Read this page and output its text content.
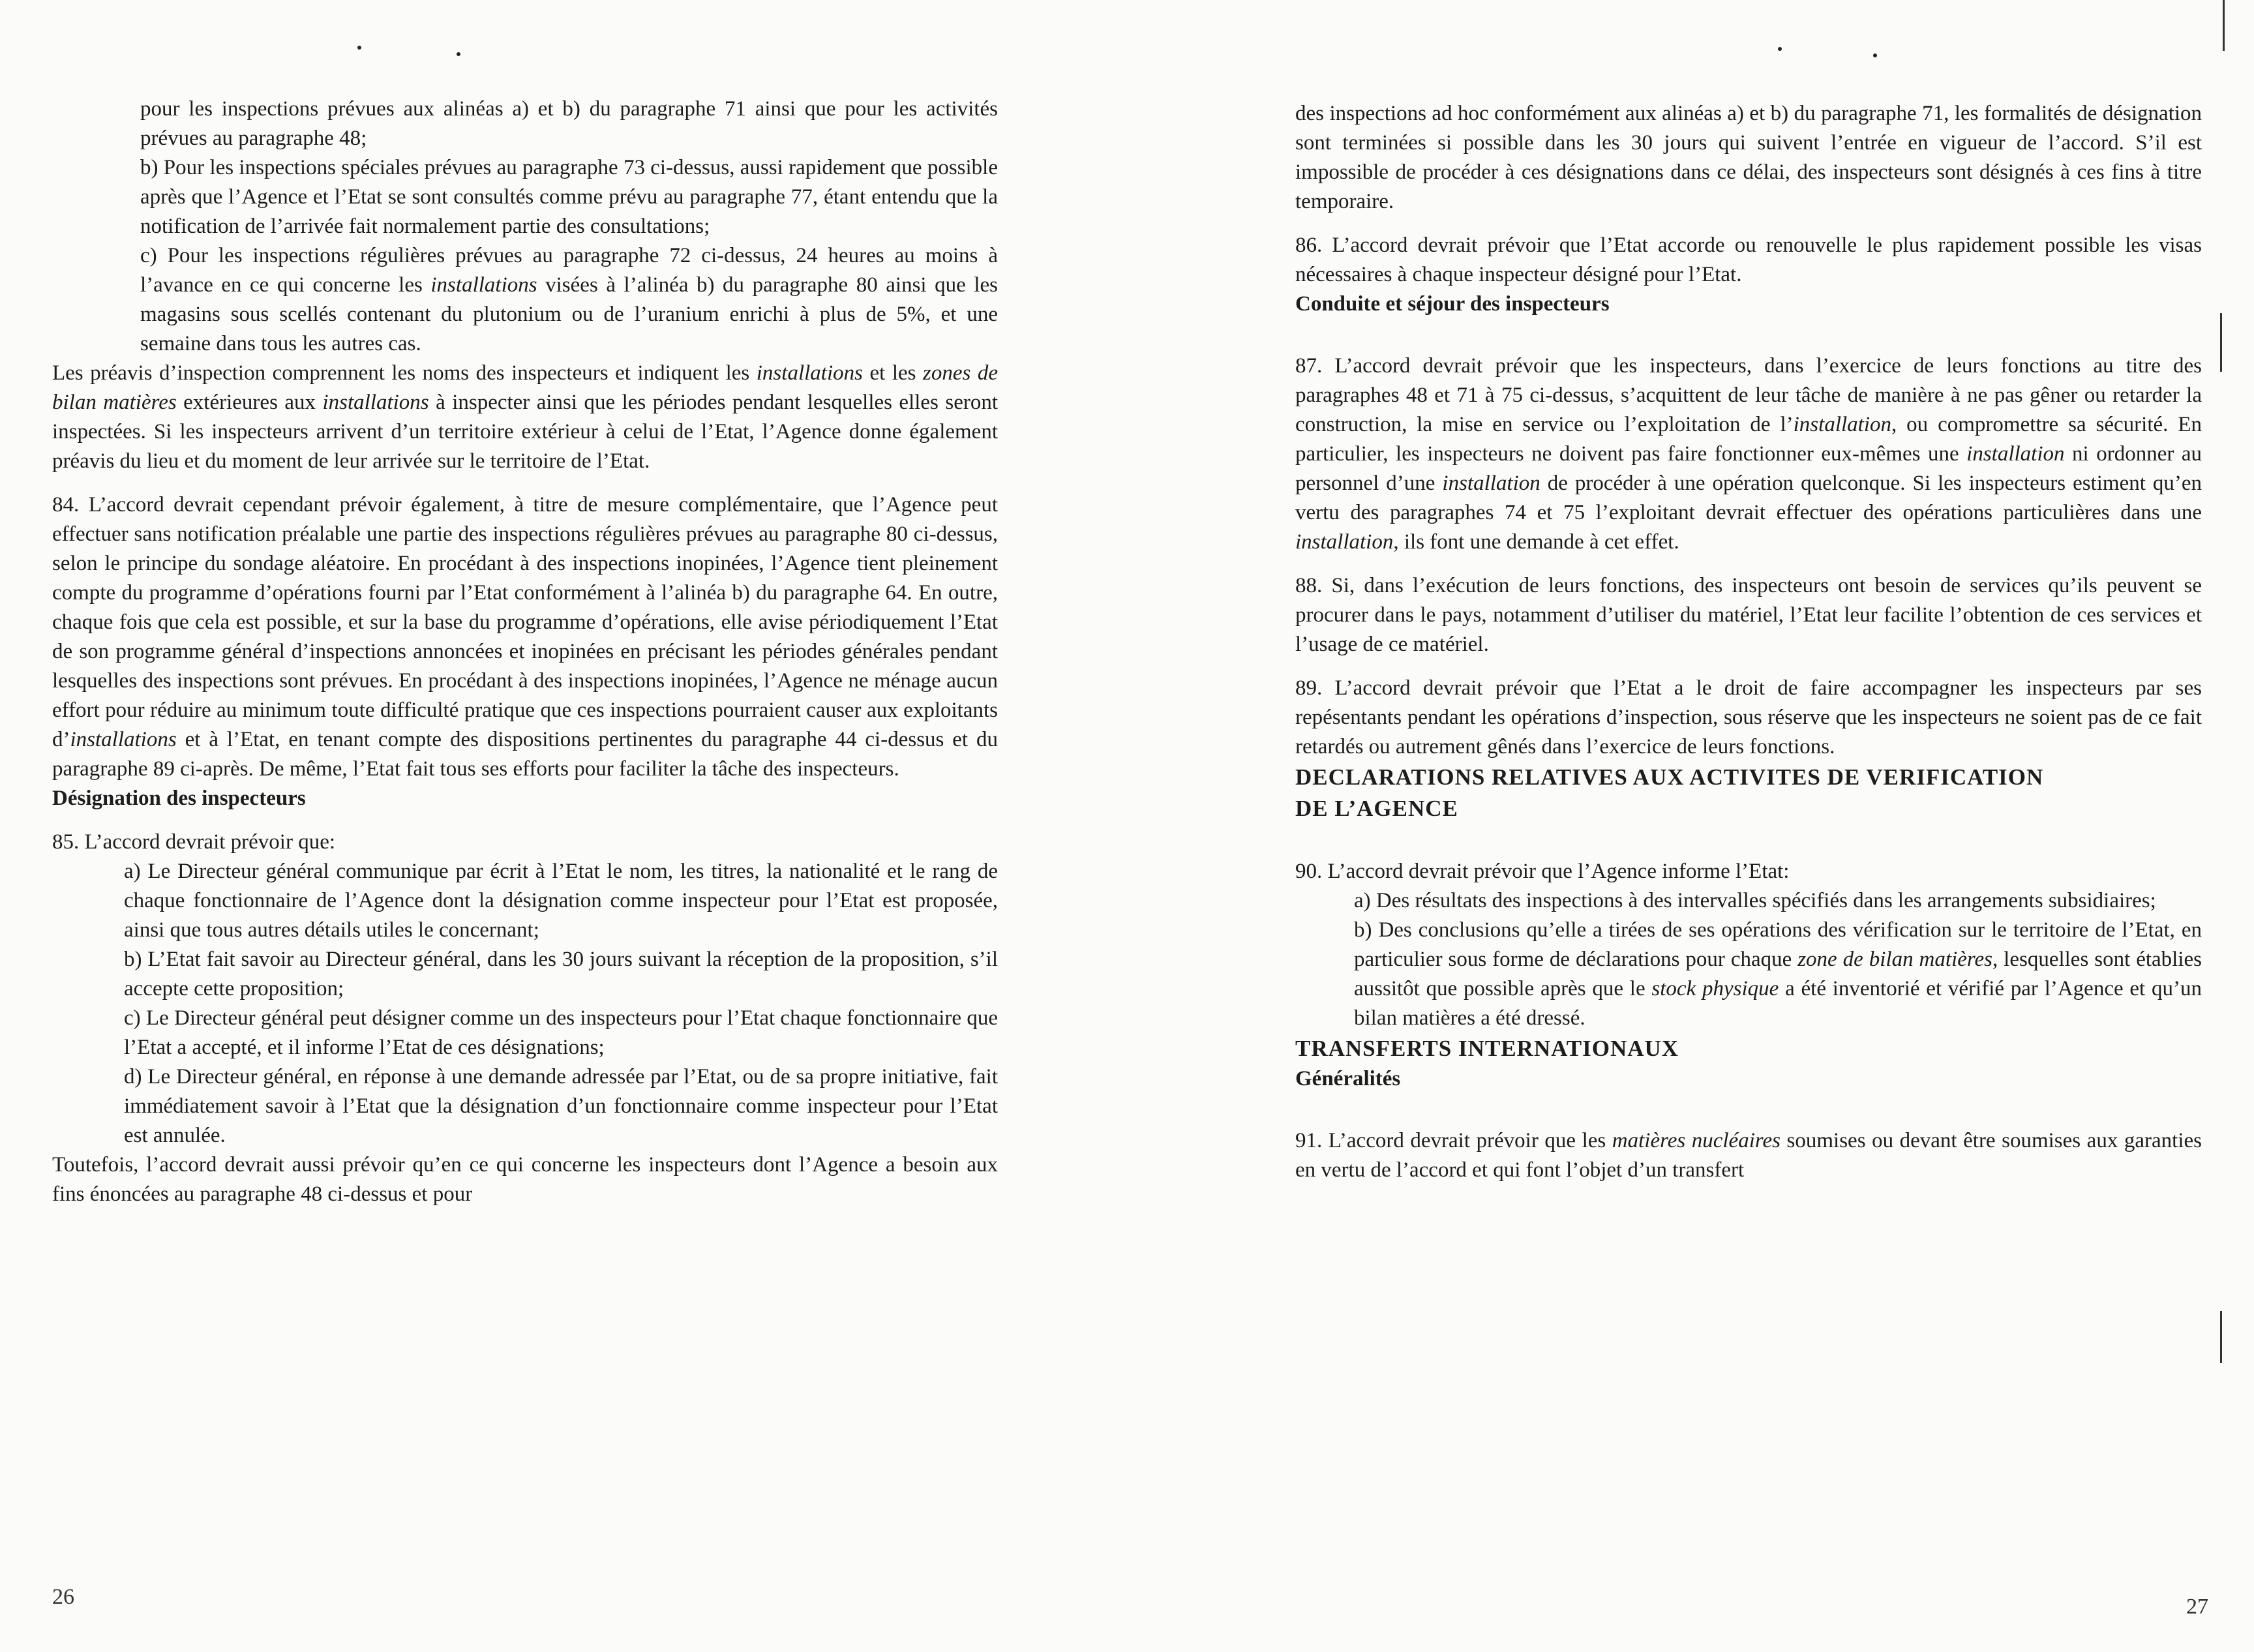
pour les inspections prévues aux alinéas a) et b) du paragraphe 71 ainsi que pour les activités prévues au paragraphe 48;

b) Pour les inspections spéciales prévues au paragraphe 73 ci-dessus, aussi rapidement que possible après que l’Agence et l’Etat se sont consultés comme prévu au paragraphe 77, étant entendu que la notification de l’arrivée fait normalement partie des consultations;

c) Pour les inspections régulières prévues au paragraphe 72 ci-dessus, 24 heures au moins à l’avance en ce qui concerne les installations visées à l’alinéa b) du paragraphe 80 ainsi que les magasins sous scellés contenant du plutonium ou de l’uranium enrichi à plus de 5%, et une semaine dans tous les autres cas.

Les préavis d’inspection comprennent les noms des inspecteurs et indiquent les installations et les zones de bilan matières extérieures aux installations à inspecter ainsi que les périodes pendant lesquelles elles seront inspectées. Si les inspecteurs arrivent d’un territoire extérieur à celui de l’Etat, l’Agence donne également préavis du lieu et du moment de leur arrivée sur le territoire de l’Etat.

84. L’accord devrait cependant prévoir également, à titre de mesure complémentaire, que l’Agence peut effectuer sans notification préalable une partie des inspections régulières prévues au paragraphe 80 ci-dessus, selon le principe du sondage aléatoire. En procédant à des inspections inopinées, l’Agence tient pleinement compte du programme d’opérations fourni par l’Etat conformément à l’alinéa b) du paragraphe 64. En outre, chaque fois que cela est possible, et sur la base du programme d’opérations, elle avise périodiquement l’Etat de son programme général d’inspections annoncées et inopinées en précisant les périodes générales pendant lesquelles des inspections sont prévues. En procédant à des inspections inopinées, l’Agence ne ménage aucun effort pour réduire au minimum toute difficulté pratique que ces inspections pourraient causer aux exploitants d’installations et à l’Etat, en tenant compte des dispositions pertinentes du paragraphe 44 ci-dessus et du paragraphe 89 ci-après. De même, l’Etat fait tous ses efforts pour faciliter la tâche des inspecteurs.

Désignation des inspecteurs

85. L’accord devrait prévoir que:

a) Le Directeur général communique par écrit à l’Etat le nom, les titres, la nationalité et le rang de chaque fonctionnaire de l’Agence dont la désignation comme inspecteur pour l’Etat est proposée, ainsi que tous autres détails utiles le concernant;

b) L’Etat fait savoir au Directeur général, dans les 30 jours suivant la réception de la proposition, s’il accepte cette proposition;

c) Le Directeur général peut désigner comme un des inspecteurs pour l’Etat chaque fonctionnaire que l’Etat a accepté, et il informe l’Etat de ces désignations;

d) Le Directeur général, en réponse à une demande adressée par l’Etat, ou de sa propre initiative, fait immédiatement savoir à l’Etat que la désignation d’un fonctionnaire comme inspecteur pour l’Etat est annulée.

Toutefois, l’accord devrait aussi prévoir qu’en ce qui concerne les inspecteurs dont l’Agence a besoin aux fins énoncées au paragraphe 48 ci-dessus et pour

26

des inspections ad hoc conformément aux alinéas a) et b) du paragraphe 71, les formalités de désignation sont terminées si possible dans les 30 jours qui suivent l’entrée en vigueur de l’accord. S’il est impossible de procéder à ces désignations dans ce délai, des inspecteurs sont désignés à ces fins à titre temporaire.

86. L’accord devrait prévoir que l’Etat accorde ou renouvelle le plus rapidement possible les visas nécessaires à chaque inspecteur désigné pour l’Etat.

Conduite et séjour des inspecteurs

87. L’accord devrait prévoir que les inspecteurs, dans l’exercice de leurs fonctions au titre des paragraphes 48 et 71 à 75 ci-dessus, s’acquittent de leur tâche de manière à ne pas gêner ou retarder la construction, la mise en service ou l’exploitation de l’installation, ou compromettre sa sécurité. En particulier, les inspecteurs ne doivent pas faire fonctionner eux-mêmes une installation ni ordonner au personnel d’une installation de procéder à une opération quelconque. Si les inspecteurs estiment qu’en vertu des paragraphes 74 et 75 l’exploitant devrait effectuer des opérations particulières dans une installation, ils font une demande à cet effet.

88. Si, dans l’exécution de leurs fonctions, des inspecteurs ont besoin de services qu’ils peuvent se procurer dans le pays, notamment d’utiliser du matériel, l’Etat leur facilite l’obtention de ces services et l’usage de ce matériel.

89. L’accord devrait prévoir que l’Etat a le droit de faire accompagner les inspecteurs par ses repésentants pendant les opérations d’inspection, sous réserve que les inspecteurs ne soient pas de ce fait retardés ou autrement gênés dans l’exercice de leurs fonctions.

DECLARATIONS RELATIVES AUX ACTIVITES DE VERIFICATION
DE L’AGENCE

90. L’accord devrait prévoir que l’Agence informe l’Etat:

a) Des résultats des inspections à des intervalles spécifiés dans les arrangements subsidiaires;

b) Des conclusions qu’elle a tirées de ses opérations des vérification sur le territoire de l’Etat, en particulier sous forme de déclarations pour chaque zone de bilan matières, lesquelles sont établies aussitôt que possible après que le stock physique a été inventorié et vérifié par l’Agence et qu’un bilan matières a été dressé.

TRANSFERTS INTERNATIONAUX
Généralités

91. L’accord devrait prévoir que les matières nucléaires soumises ou devant être soumises aux garanties en vertu de l’accord et qui font l’objet d’un transfert

27
